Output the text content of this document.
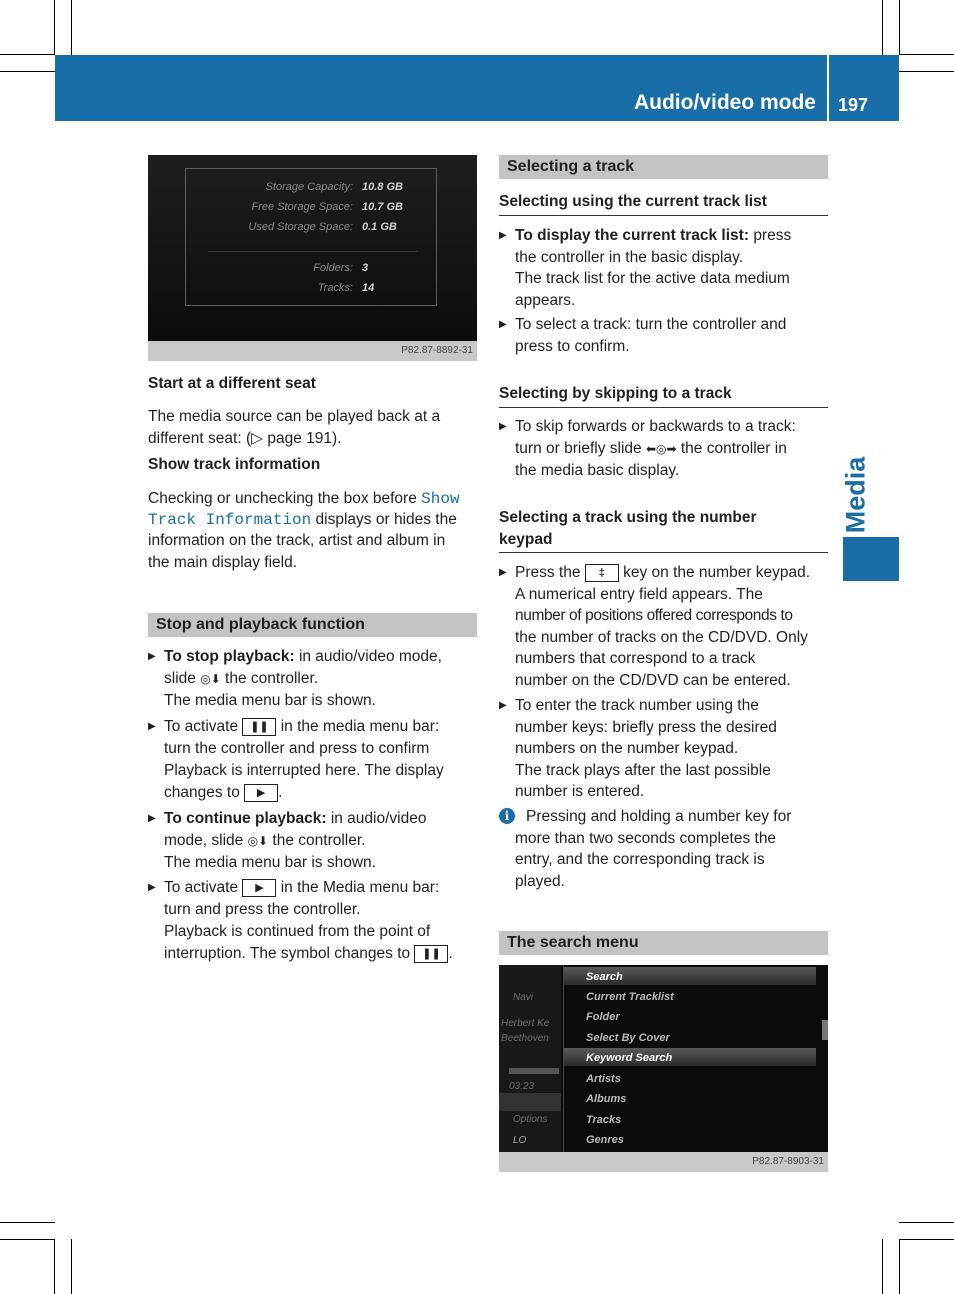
Audio/video mode 197
Media
Storage Capacity: 10.8 GB
Free Storage Space: 10.7 GB
Used Storage Space: 0.1 GB
Folders: 3
Tracks: 14
P82.87-8892-31
Start at a different seat
The media source can be played back at a different seat: (▷ page 191).
Show track information
Checking or unchecking the box before Show
Track Information displays or hides the
information on the track, artist and album in
the main display field.
Stop and playback function
▶ To stop playback: in audio/video mode,
slide ◎⬇ the controller.
The media menu bar is shown.
▶ To activate ❚❚ in the media menu bar:
turn the controller and press to confirm
Playback is interrupted here. The display
changes to ▶ .
▶ To continue playback: in audio/video
mode, slide ◎⬇ the controller.
The media menu bar is shown.
▶ To activate ▶ in the Media menu bar:
turn and press the controller.
Playback is continued from the point of
interruption. The symbol changes to ❚❚ .
Selecting a track
Selecting using the current track list
▶ To display the current track list: press
the controller in the basic display.
The track list for the active data medium
appears.
▶ To select a track: turn the controller and
press to confirm.
Selecting by skipping to a track
▶ To skip forwards or backwards to a track:
turn or briefly slide ⬅◎➡ the controller in
the media basic display.
Selecting a track using the number
keypad
▶ Press the ‡ key on the number keypad.
A numerical entry field appears. The
number of positions offered corresponds to
the number of tracks on the CD/DVD. Only
numbers that correspond to a track
number on the CD/DVD can be entered.
▶ To enter the track number using the
number keys: briefly press the desired
numbers on the number keypad.
The track plays after the last possible
number is entered.
i	Pressing and holding a number key for
more than two seconds completes the
entry, and the corresponding track is
played.
The search menu
Navi
Herbert Ke
Beethoven
03:23
Options
LO
Search
Current Tracklist
Folder
Select By Cover
Keyword Search
Artists
Albums
Tracks
Genres
P82.87-8903-31
